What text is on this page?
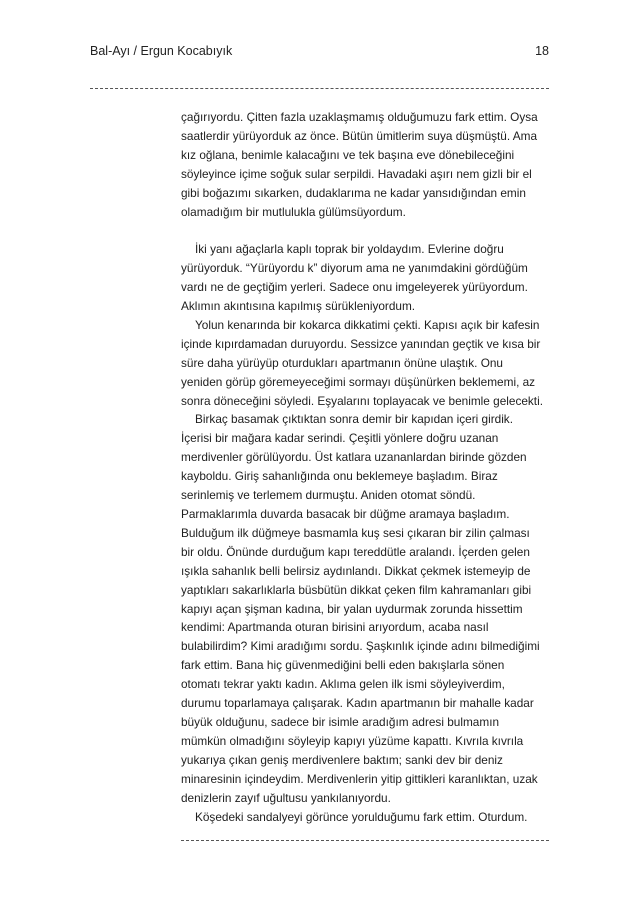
Bal-Ayı / Ergun Kocabıyık	18
çağırıyordu. Çitten fazla uzaklaşmamış olduğumuzu fark ettim. Oysa
saatlerdir yürüyorduk az önce. Bütün ümitlerim suya düşmüştü. Ama
kız oğlana, benimle kalacağını ve tek başına eve dönebileceğini
söyleyince içime soğuk sular serpildi. Havadaki aşırı nem gizli bir el
gibi boğazımı sıkarken, dudaklarıma ne kadar yansıdığından emin
olamadığım bir mutlulukla gülümsüyordum.
İki yanı ağaçlarla kaplı toprak bir yoldaydım. Evlerine doğru
yürüyorduk. “Yürüyordu k” diyorum ama ne yanımdakini gördüğüm
vardı ne de geçtiğim yerleri. Sadece onu imgeleyerek yürüyordum.
Aklımın akıntısına kapılmış sürükleniyordum.
Yolun kenarında bir kokarca dikkatimi çekti. Kapısı açık bir kafesin
içinde kıpırdamadan duruyordu. Sessizce yanından geçtik ve kısa bir
süre daha yürüyüp oturdukları apartmanın önüne ulaştık. Onu
yeniden görüp göremeyeceğimi sormayı düşünürken beklememi, az
sonra döneceğini söyledi. Eşyalarını toplayacak ve benimle gelecekti.
Birkaç basamak çıktıktan sonra demir bir kapıdan içeri girdik.
İçerisi bir mağara kadar serindi. Çeşitli yönlere doğru uzanan
merdivenler görülüyordu. Üst katlara uzananlardan birinde gözden
kayboldu. Giriş sahanlığında onu beklemeye başladım. Biraz
serinlemiş ve terlemem durmuştu. Aniden otomat söndü.
Parmaklarımla duvarda basacak bir düğme aramaya başladım.
Bulduğum ilk düğmeye basmamla kuş sesi çıkaran bir zilin çalması
bir oldu. Önünde durduğum kapı tereddütle aralandı. İçerden gelen
ışıkla sahanlık belli belirsiz aydınlandı. Dikkat çekmek istemeyip de
yaptıkları sakarlıklarla büsbütün dikkat çeken film kahramanları gibi
kapıyı açan şişman kadına, bir yalan uydurmak zorunda hissettim
kendimi: Apartmanda oturan birisini arıyordum, acaba nasıl
bulabilirdim? Kimi aradığımı sordu. Şaşkınlık içinde adını bilmediğimi
fark ettim. Bana hiç güvenmediğini belli eden bakışlarla sönen
otomatı tekrar yaktı kadın. Aklıma gelen ilk ismi söyleyiverdim,
durumu toparlamaya çalışarak. Kadın apartmanın bir mahalle kadar
büyük olduğunu, sadece bir isimle aradığım adresi bulmamın
mümkün olmadığını söyleyip kapıyı yüzüme kapattı. Kıvrıla kıvrıla
yukarıya çıkan geniş merdivenlere baktım; sanki dev bir deniz
minaresinin içindeydim. Merdivenlerin yitip gittikleri karanlıktan, uzak
denizlerin zayıf uğultusu yankılanıyordu.
Köşedeki sandalyeyi görünce yorulduğumu fark ettim. Oturdum.
